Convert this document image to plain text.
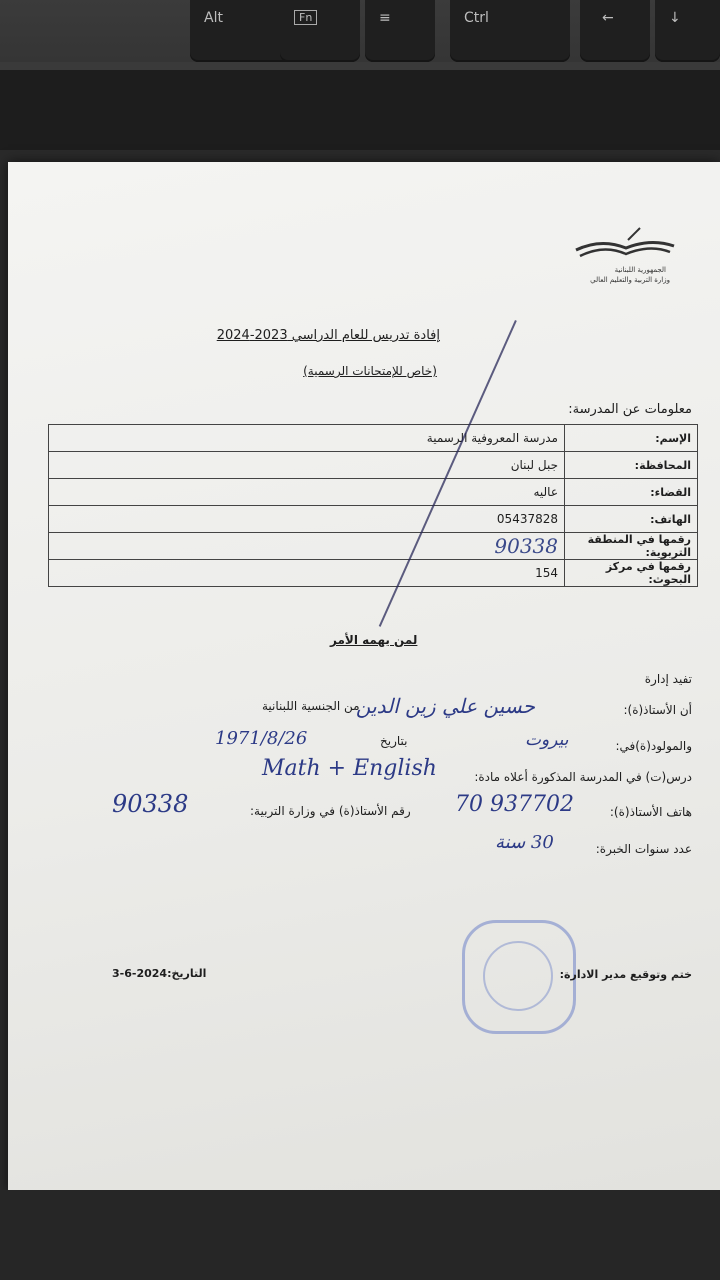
Alt	Fn	≡	Ctrl	←	↓
الجمهورية اللبنانية
وزارة التربية والتعليم العالي
إفادة تدريس للعام الدراسي 2023-2024
(خاص للإمتحانات الرسمية)
معلومات عن المدرسة:
الإسم:	مدرسة المعروفية الرسمية
المحافظة:	جبل لبنان
القضاء:	عاليه
الهاتف:	05437828
رقمها في المنطقة التربوية:	90338
رقمها في مركز البحوث:	154
لمن يهمه الأمر
تفيد إدارة
أن الأستاذ(ة):
حسين علي زين الدين
من الجنسية اللبنانية
والمولود(ة)في:
بيروت
بتاريخ
1971/8/26
درس(ت) في المدرسة المذكورة أعلاه مادة:
Math + English
هاتف الأستاذ(ة):
70 937702
رقم الأستاذ(ة) في وزارة التربية:
90338
عدد سنوات الخبرة:
30 سنة
ختم وتوقيع مدير الادارة:
التاريخ:2024-6-3
